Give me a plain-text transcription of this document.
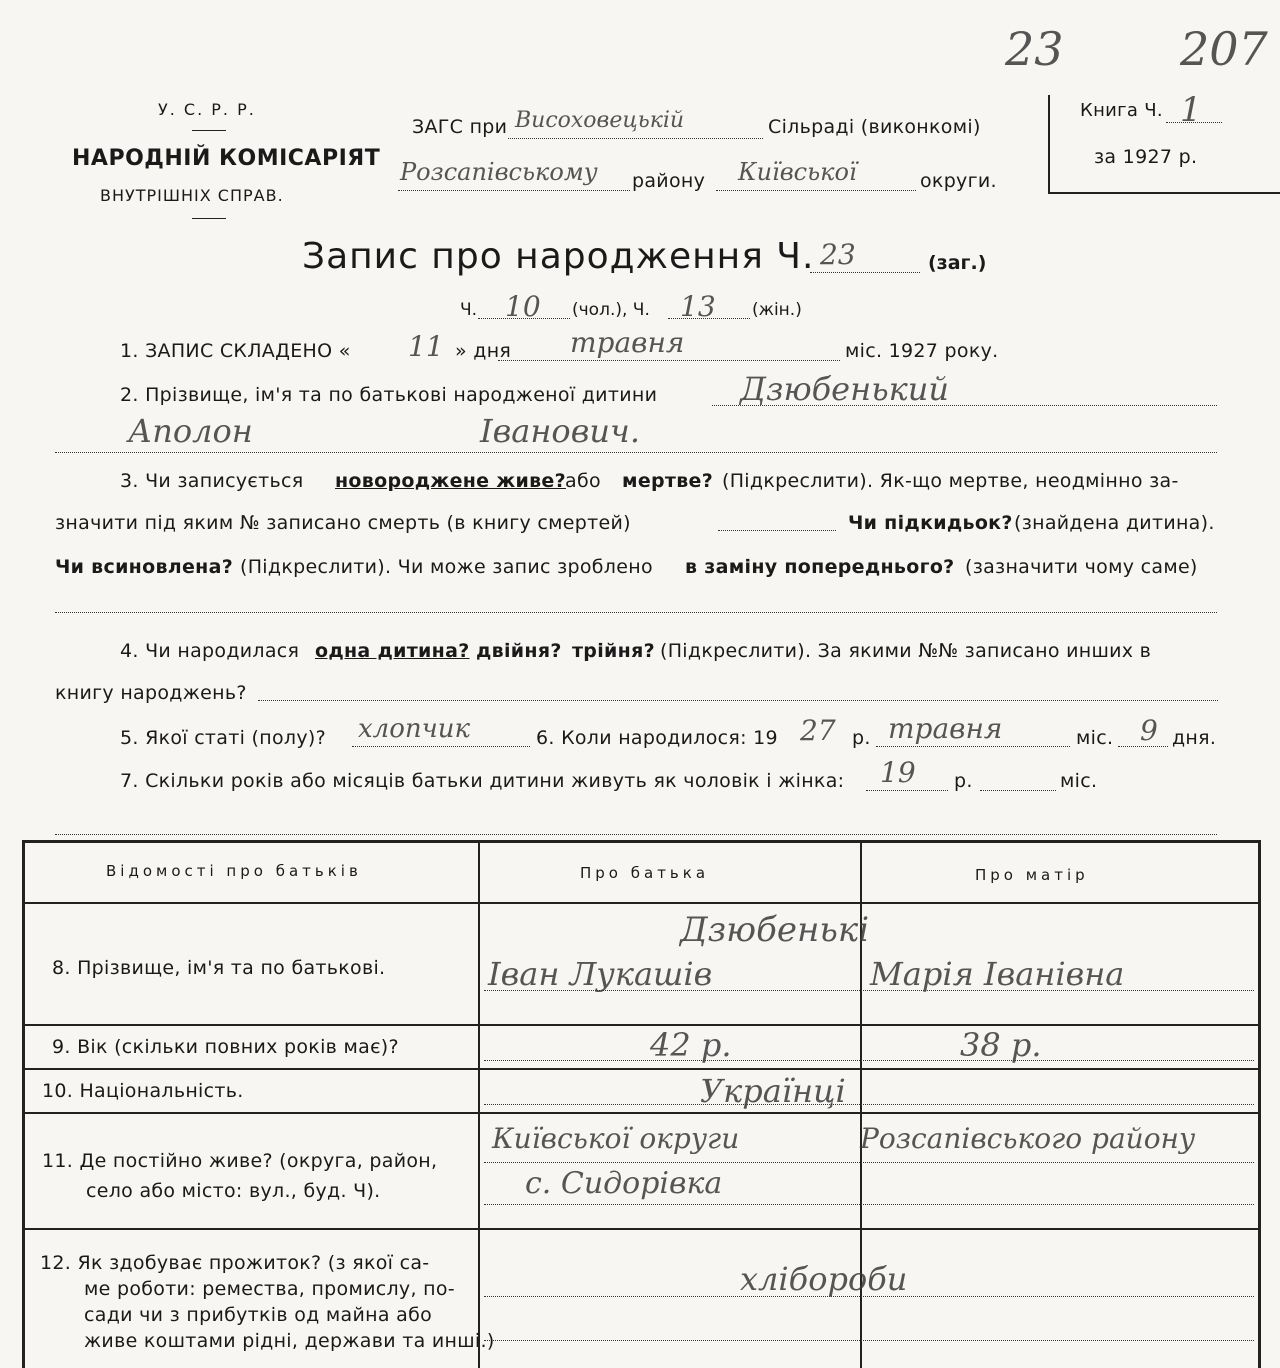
23	207
У. С. Р. Р.
НАРОДНІЙ КОМІСАРІЯТ
ВНУТРІШНІХ СПРАВ.
ЗАГС при Висоховецькій	Сільраді (виконкомі)
Розсапівському району Київської	округи.
Книга Ч. 1
за 1927 р.
Запис про народження Ч. 23	(заг.)
Ч. 10 (чол.), Ч. 13 (жін.)
1. ЗАПИС СКЛАДЕНО « 11 » дня травня	міс. 1927 року.
2. Прізвище, ім'я та по батькові народженої дитини	Дзюбенький
Аполон	Іванович.
3. Чи записується новороджене живе? або мертве? (Підкреслити). Як-що мертве, неодмінно за-
значити під яким № записано смерть (в книгу смертей)	Чи підкидьок? (знайдена дитина).
Чи всиновлена? (Підкреслити). Чи може запис зроблено в заміну попереднього? (зазначити чому саме)
4. Чи народилася одна дитина? двійня? трійня? (Підкреслити). За якими №№ записано инших в
книгу народжень?
5. Якої статі (полу)? хлопчик	6. Коли народилося: 19 27 р. травня	міс. 9 дня.
7. Скільки років або місяців батьки дитини живуть як чоловік і жінка: 19 р.	міс.
Відомості про батьків	Про батька	Про матір
8. Прізвище, ім'я та по батькові.
Дзюбенькі
Іван Лукашів	Марія Іванівна
9. Вік (скільки повних років має)?	42 р.	38 р.
10. Національність.	Українці
11. Де постійно живе? (округа, район,
село або місто: вул., буд. Ч).
Київської округи	Розсапівського району
с. Сидорівка
12. Як здобуває прожиток? (з якої са-
ме роботи: ремества, промислу, по-
сади чи з прибутків од майна або
живе коштами рідні, держави та инші.)
хлібороби
